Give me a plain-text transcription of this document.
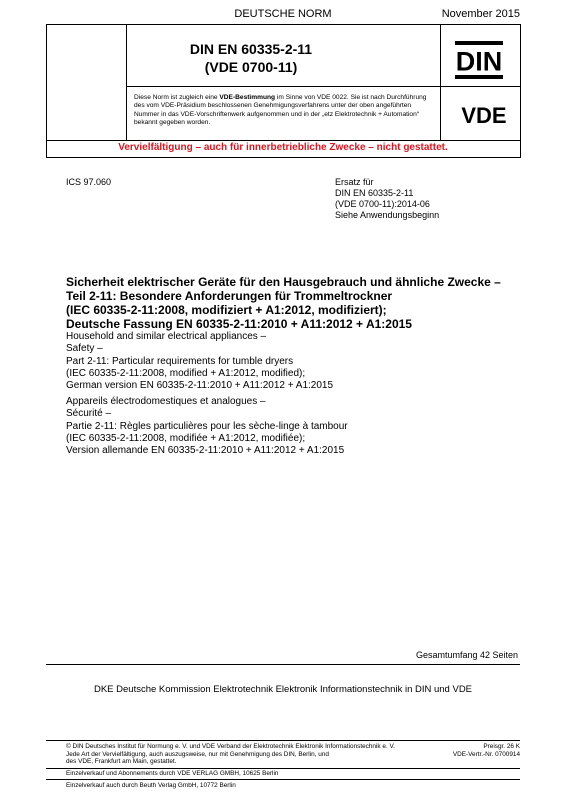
DEUTSCHE NORM	November 2015
DIN EN 60335-2-11
(VDE 0700-11)	DIN
Diese Norm ist zugleich eine VDE-Bestimmung im Sinne von VDE 0022. Sie ist nach Durchführung des vom VDE-Präsidium beschlossenen Genehmigungsverfahrens unter der oben angeführten Nummer in das VDE-Vorschriftenwerk aufgenommen und in der „etz Elektrotechnik + Automation“ bekannt gegeben worden.	VDE
Vervielfältigung – auch für innerbetriebliche Zwecke – nicht gestattet.
ICS 97.060	Ersatz für
DIN EN 60335-2-11
(VDE 0700-11):2014-06
Siehe Anwendungsbeginn
Sicherheit elektrischer Geräte für den Hausgebrauch und ähnliche Zwecke –
Teil 2-11: Besondere Anforderungen für Trommeltrockner
(IEC 60335-2-11:2008, modifiziert + A1:2012, modifiziert);
Deutsche Fassung EN 60335-2-11:2010 + A11:2012 + A1:2015
Household and similar electrical appliances –
Safety –
Part 2-11: Particular requirements for tumble dryers
(IEC 60335-2-11:2008, modified + A1:2012, modified);
German version EN 60335-2-11:2010 + A11:2012 + A1:2015
Appareils électrodomestiques et analogues –
Sécurité –
Partie 2-11: Règles particulières pour les sèche-linge à tambour
(IEC 60335-2-11:2008, modifiée + A1:2012, modifiée);
Version allemande EN 60335-2-11:2010 + A11:2012 + A1:2015
Gesamtumfang 42 Seiten
DKE Deutsche Kommission Elektrotechnik Elektronik Informationstechnik in DIN und VDE
© DIN Deutsches Institut für Normung e. V. und VDE Verband der Elektrotechnik Elektronik Informationstechnik e. V.
Jede Art der Vervielfältigung, auch auszugsweise, nur mit Genehmigung des DIN, Berlin, und
des VDE, Frankfurt am Main, gestattet.
Preisgr. 26 K
VDE-Vertr.-Nr. 0700914
Einzelverkauf und Abonnements durch VDE VERLAG GMBH, 10625 Berlin
Einzelverkauf auch durch Beuth Verlag GmbH, 10772 Berlin
